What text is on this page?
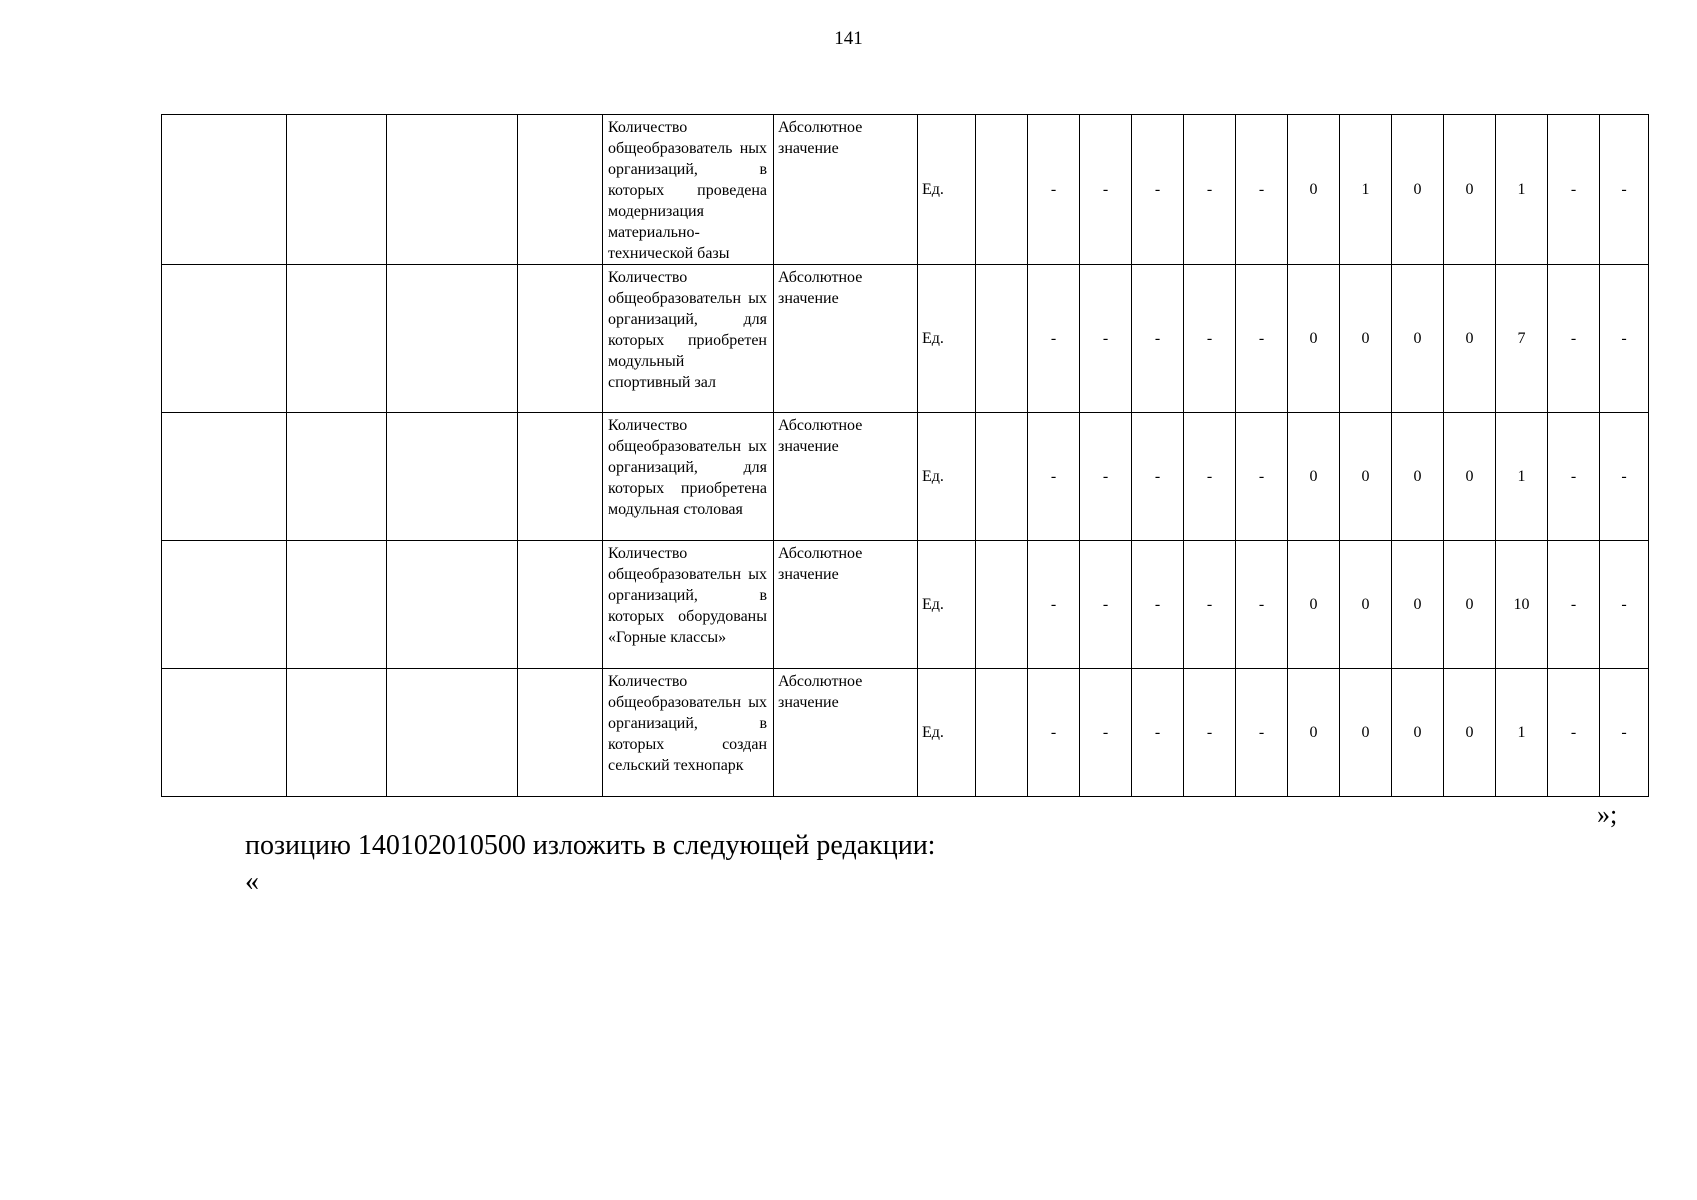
141
				Количество общеобразователь ных организаций, в которых проведена модернизация материально-технической базы	Абсолютное значение	Ед.		-	-	-	-	-	0	1	0	0	1	-	-
				Количество общеобразовательн ых организаций, для которых приобретен модульный спортивный зал	Абсолютное значение	Ед.		-	-	-	-	-	0	0	0	0	7	-	-
				Количество общеобразовательн ых организаций, для которых приобретена модульная столовая	Абсолютное значение	Ед.		-	-	-	-	-	0	0	0	0	1	-	-
				Количество общеобразовательн ых организаций, в которых оборудованы «Горные классы»	Абсолютное значение	Ед.		-	-	-	-	-	0	0	0	0	10	-	-
				Количество общеобразовательн ых организаций, в которых создан сельский технопарк	Абсолютное значение	Ед.		-	-	-	-	-	0	0	0	0	1	-	-
»;
позицию 140102010500 изложить в следующей редакции:
«
